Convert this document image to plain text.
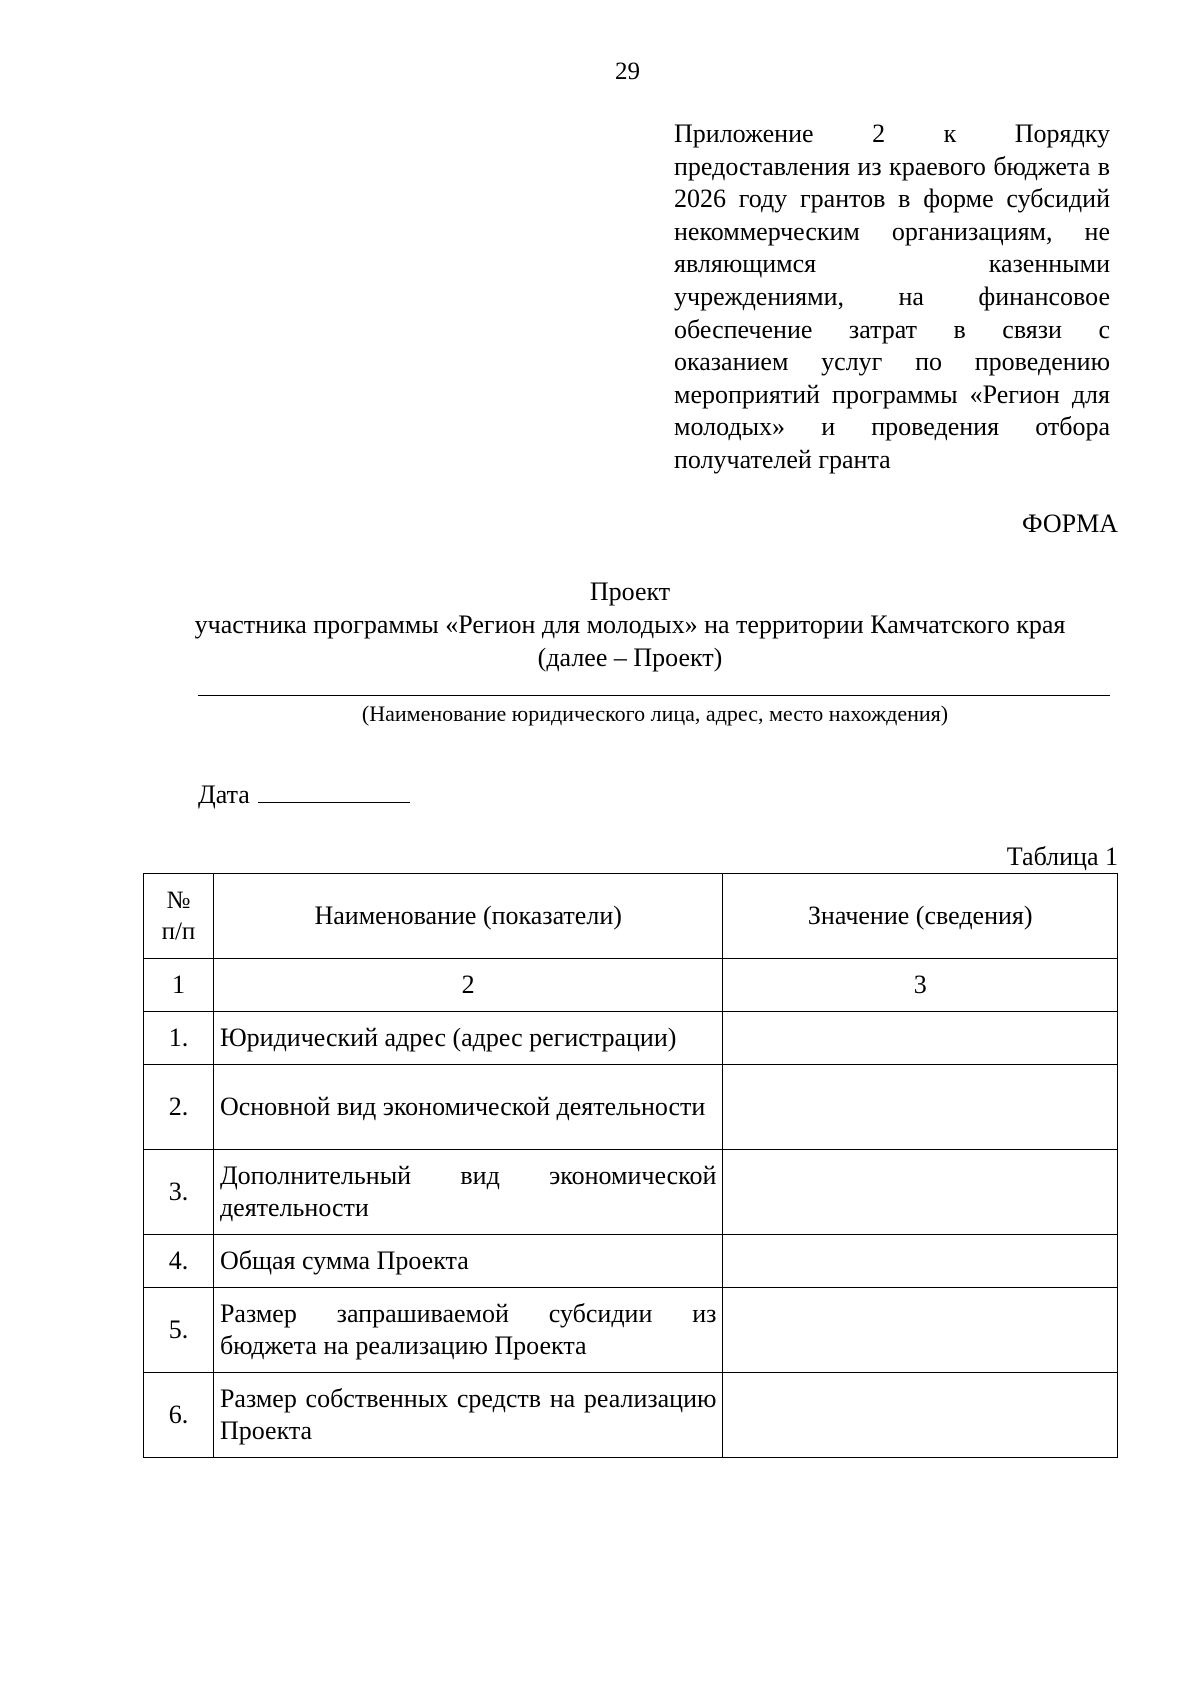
29
Приложение 2 к Порядку предоставления из краевого бюджета в 2026 году грантов в форме субсидий некоммерческим организациям, не являющимся казенными учреждениями, на финансовое обеспечение затрат в связи с оказанием услуг по проведению мероприятий программы «Регион для молодых» и проведения отбора получателей гранта
ФОРМА
Проект
участника программы «Регион для молодых» на территории Камчатского края
(далее – Проект)
(Наименование юридического лица, адрес, место нахождения)
Дата
Таблица 1
№
п/п	Наименование (показатели)	Значение (сведения)
1	2	3
1.	Юридический адрес (адрес регистрации)	
2.	Основной вид экономической деятельности	
3.	Дополнительный вид экономической деятельности	
4.	Общая сумма Проекта	
5.	Размер запрашиваемой субсидии из бюджета на реализацию Проекта	
6.	Размер собственных средств на реализацию Проекта	
